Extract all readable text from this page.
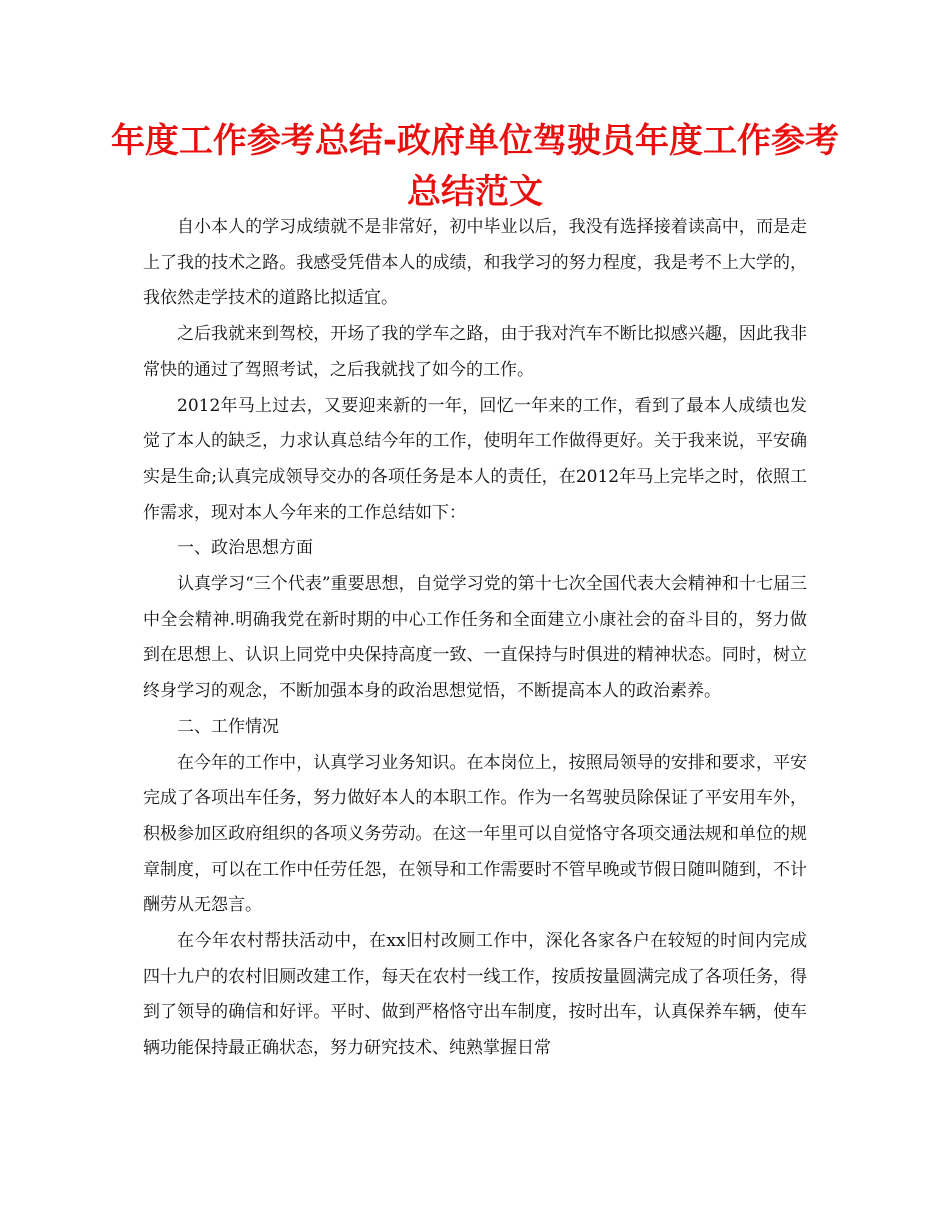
年度工作参考总结-政府单位驾驶员年度工作参考总结范文

自小本人的学习成绩就不是非常好，初中毕业以后，我没有选择接着读高中，而是走上了我的技术之路。我感受凭借本人的成绩，和我学习的努力程度，我是考不上大学的，我依然走学技术的道路比拟适宜。

之后我就来到驾校，开场了我的学车之路，由于我对汽车不断比拟感兴趣，因此我非常快的通过了驾照考试，之后我就找了如今的工作。

2012年马上过去，又要迎来新的一年，回忆一年来的工作，看到了最本人成绩也发觉了本人的缺乏，力求认真总结今年的工作，使明年工作做得更好。关于我来说，平安确实是生命;认真完成领导交办的各项任务是本人的责任，在2012年马上完毕之时，依照工作需求，现对本人今年来的工作总结如下：

一、政治思想方面

认真学习“三个代表”重要思想，自觉学习党的第十七次全国代表大会精神和十七届三中全会精神.明确我党在新时期的中心工作任务和全面建立小康社会的奋斗目的，努力做到在思想上、认识上同党中央保持高度一致、一直保持与时俱进的精神状态。同时，树立终身学习的观念，不断加强本身的政治思想觉悟，不断提高本人的政治素养。

二、工作情况

在今年的工作中，认真学习业务知识。在本岗位上，按照局领导的安排和要求，平安完成了各项出车任务，努力做好本人的本职工作。作为一名驾驶员除保证了平安用车外，积极参加区政府组织的各项义务劳动。在这一年里可以自觉恪守各项交通法规和单位的规章制度，可以在工作中任劳任怨，在领导和工作需要时不管早晚或节假日随叫随到，不计酬劳从无怨言。

在今年农村帮扶活动中，在xx旧村改厕工作中，深化各家各户在较短的时间内完成四十九户的农村旧厕改建工作，每天在农村一线工作，按质按量圆满完成了各项任务，得到了领导的确信和好评。平时、做到严格恪守出车制度，按时出车，认真保养车辆，使车辆功能保持最正确状态，努力研究技术、纯熟掌握日常
